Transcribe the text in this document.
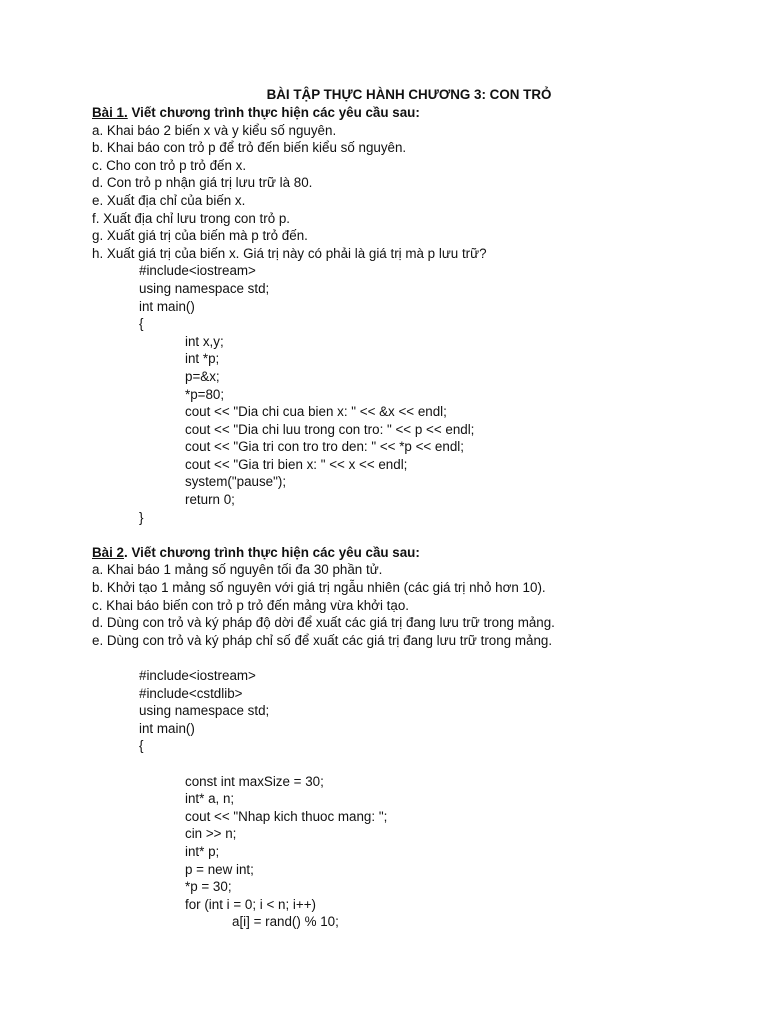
BÀI TẬP THỰC HÀNH CHƯƠNG 3: CON TRỎ
Bài 1. Viết chương trình thực hiện các yêu cầu sau:
a. Khai báo 2 biến x và y kiểu số nguyên.
b. Khai báo con trỏ p để trỏ đến biến kiểu số nguyên.
c. Cho con trỏ p trỏ đến x.
d. Con trỏ p nhận giá trị lưu trữ là 80.
e. Xuất địa chỉ của biến x.
f. Xuất địa chỉ lưu trong con trỏ p.
g. Xuất giá trị của biến mà p trỏ đến.
h. Xuất giá trị của biến x. Giá trị này có phải là giá trị mà p lưu trữ?
#include<iostream>
using namespace std;
int main()
{
int x,y;
int *p;
p=&x;
*p=80;
cout << "Dia chi cua bien x: " << &x << endl;
cout << "Dia chi luu trong con tro: " << p << endl;
cout << "Gia tri con tro tro den: " << *p << endl;
cout << "Gia tri bien x: " << x << endl;
system("pause");
return 0;
}
Bài 2. Viết chương trình thực hiện các yêu cầu sau:
a. Khai báo 1 mảng số nguyên tối đa 30 phần tử.
b. Khởi tạo 1 mảng số nguyên với giá trị ngẫu nhiên (các giá trị nhỏ hơn 10).
c. Khai báo biến con trỏ p trỏ đến mảng vừa khởi tạo.
d. Dùng con trỏ và ký pháp độ dời để xuất các giá trị đang lưu trữ trong mảng.
e. Dùng con trỏ và ký pháp chỉ số để xuất các giá trị đang lưu trữ trong mảng.
#include<iostream>
#include<cstdlib>
using namespace std;
int main()
{
const int maxSize = 30;
int* a, n;
cout << "Nhap kich thuoc mang: ";
cin >> n;
int* p;
p = new int;
*p = 30;
for (int i = 0; i < n; i++)
a[i] = rand() % 10;
